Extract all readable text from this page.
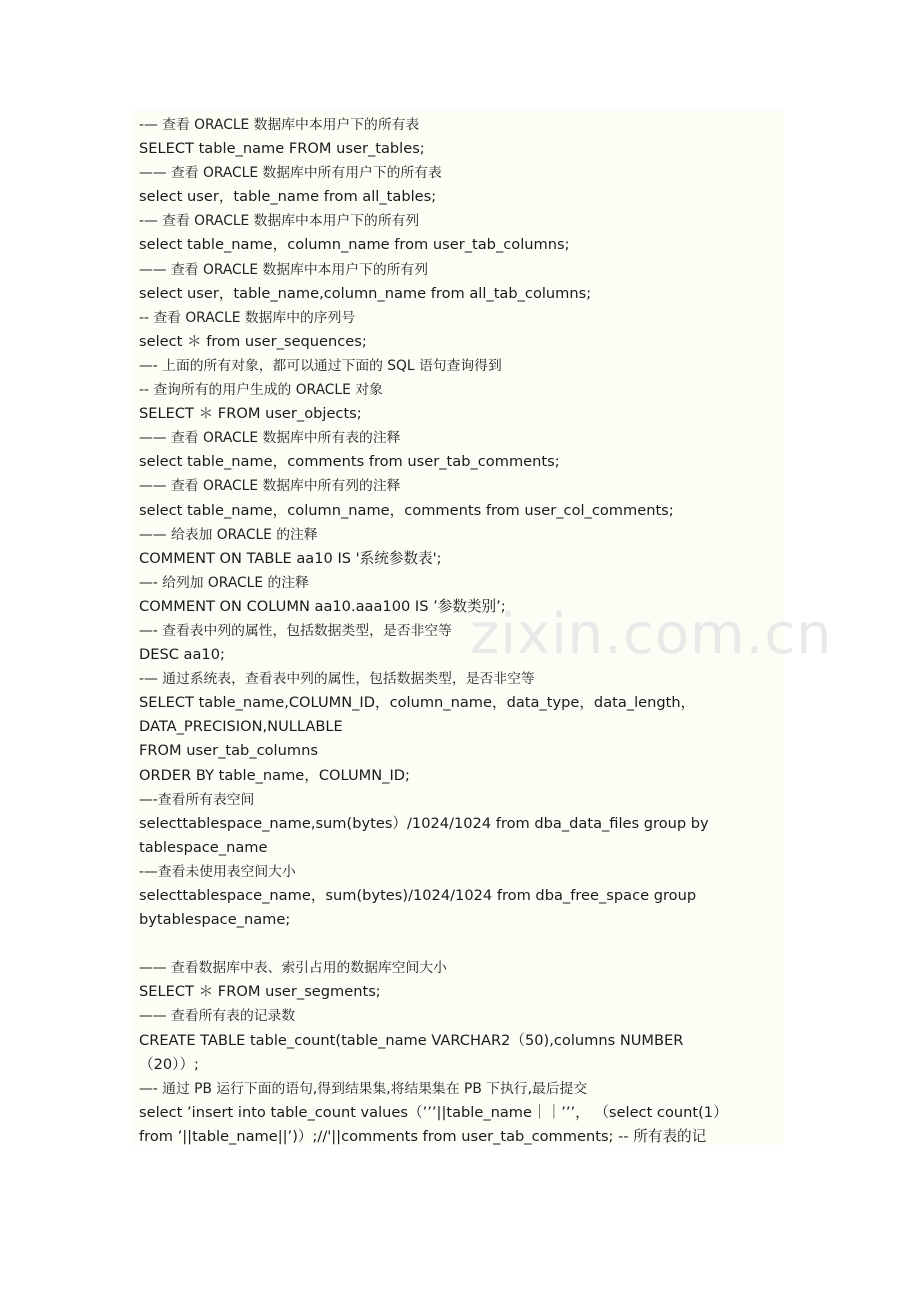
zixin.com.cn
-— 查看 ORACLE 数据库中本用户下的所有表
SELECT table_name FROM user_tables;
—— 查看 ORACLE 数据库中所有用户下的所有表
select user，table_name from all_tables;
-— 查看 ORACLE 数据库中本用户下的所有列
select table_name，column_name from user_tab_columns;
—— 查看 ORACLE 数据库中本用户下的所有列
select user，table_name,column_name from all_tab_columns;
-- 查看 ORACLE 数据库中的序列号
select ＊ from user_sequences;
—- 上面的所有对象，都可以通过下面的 SQL 语句查询得到
-- 查询所有的用户生成的 ORACLE 对象
SELECT ＊ FROM user_objects;
—— 查看 ORACLE 数据库中所有表的注释
select table_name，comments from user_tab_comments;
—— 查看 ORACLE 数据库中所有列的注释
select table_name，column_name，comments from user_col_comments;
—— 给表加 ORACLE 的注释
COMMENT ON TABLE aa10 IS '系统参数表';
—- 给列加 ORACLE 的注释
COMMENT ON COLUMN aa10.aaa100 IS ’参数类别’;
—- 查看表中列的属性，包括数据类型，是否非空等
DESC aa10;
-— 通过系统表，查看表中列的属性，包括数据类型，是否非空等
SELECT table_name,COLUMN_ID，column_name，data_type，data_length，
DATA_PRECISION,NULLABLE
FROM user_tab_columns
ORDER BY table_name，COLUMN_ID;
—-查看所有表空间
selecttablespace_name,sum(bytes）/1024/1024 from dba_data_files group by
tablespace_name
-—查看未使用表空间大小
selecttablespace_name，sum(bytes)/1024/1024 from dba_free_space group
bytablespace_name;
—— 查看数据库中表、索引占用的数据库空间大小
SELECT ＊ FROM user_segments;
—— 查看所有表的记录数
CREATE TABLE table_count(table_name VARCHAR2（50),columns NUMBER
（20））;
—- 通过 PB 运行下面的语句,得到结果集,将结果集在 PB 下执行,最后提交
select ’insert into table_count values（’’’||table_name｜｜’’’， （select count(1）
from ’||table_name||’)）;//'||comments from user_tab_comments; -- 所有表的记
